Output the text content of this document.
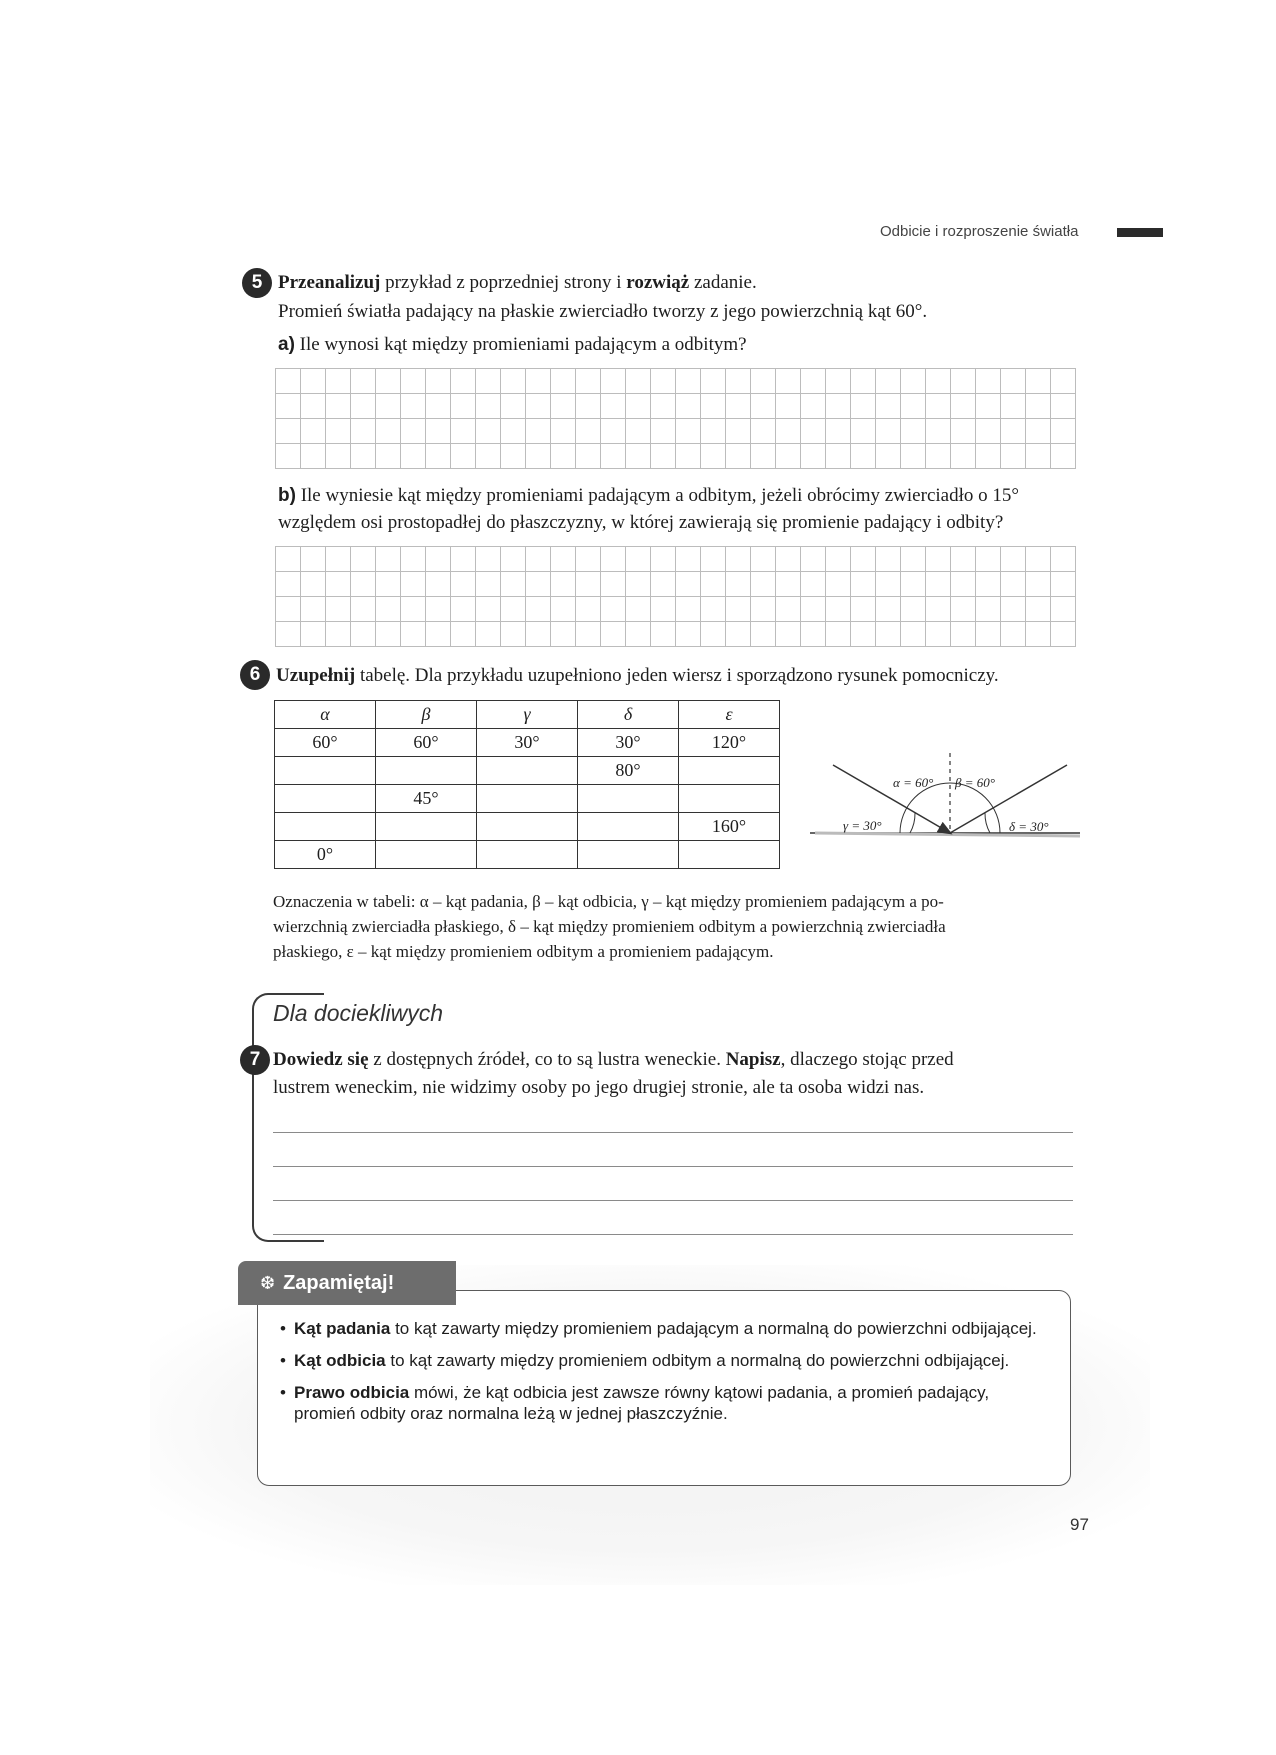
Odbicie i rozproszenie światła
5 Przeanalizuj przykład z poprzedniej strony i rozwiąż zadanie.
Promień światła padający na płaskie zwierciadło tworzy z jego powierzchnią kąt 60°.
a) Ile wynosi kąt między promieniami padającym a odbitym?
b) Ile wyniesie kąt między promieniami padającym a odbitym, jeżeli obrócimy zwierciadło o 15°
względem osi prostopadłej do płaszczyzny, w której zawierają się promienie padający i odbity?
6 Uzupełnij tabelę. Dla przykładu uzupełniono jeden wiersz i sporządzono rysunek pomocniczy.
α	β	γ	δ	ε
60°	60°	30°	30°	120°
			80°	
	45°			
				160°
0°				
α = 60° β = 60°
γ = 30°	δ = 30°
Oznaczenia w tabeli: α – kąt padania, β – kąt odbicia, γ – kąt między promieniem padającym a po-
wierzchnią zwierciadła płaskiego, δ – kąt między promieniem odbitym a powierzchnią zwierciadła
płaskiego, ε – kąt między promieniem odbitym a promieniem padającym.
Dla dociekliwych
7 Dowiedz się z dostępnych źródeł, co to są lustra weneckie. Napisz, dlaczego stojąc przed
lustrem weneckim, nie widzimy osoby po jego drugiej stronie, ale ta osoba widzi nas.
❆ Zapamiętaj!
• Kąt padania to kąt zawarty między promieniem padającym a normalną do powierzchni odbijającej.
• Kąt odbicia to kąt zawarty między promieniem odbitym a normalną do powierzchni odbijającej.
• Prawo odbicia mówi, że kąt odbicia jest zawsze równy kątowi padania, a promień padający, promień odbity oraz normalna leżą w jednej płaszczyźnie.
97
